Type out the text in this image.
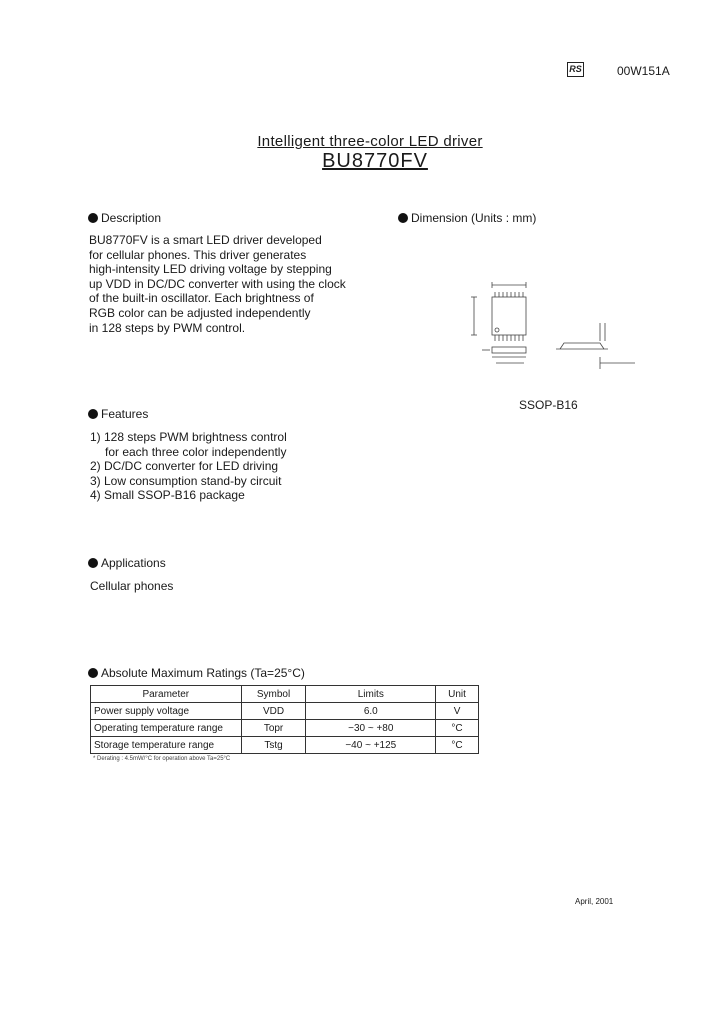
RS	00W151A
Intelligent three-color LED driver
BU8770FV
Description
BU8770FV is a smart LED driver developed
for cellular phones. This driver generates
high-intensity LED driving voltage by stepping
up VDD in DC/DC converter with using the clock
of the built-in oscillator. Each brightness of
RGB color can be adjusted independently
in 128 steps by PWM control.
Dimension (Units : mm)
SSOP-B16
Features
1) 128 steps PWM brightness control
for each three color independently
2) DC/DC converter for LED driving
3) Low consumption stand-by circuit
4) Small SSOP-B16 package
Applications
Cellular phones
Absolute Maximum Ratings (Ta=25°C)
Parameter	Symbol	Limits	Unit
Power supply voltage	VDD	6.0	V
Operating temperature range	Topr	−30 ~ +80	°C
Storage temperature range	Tstg	−40 ~ +125	°C
* Derating : 4.5mW/°C for operation above Ta=25°C
April, 2001
